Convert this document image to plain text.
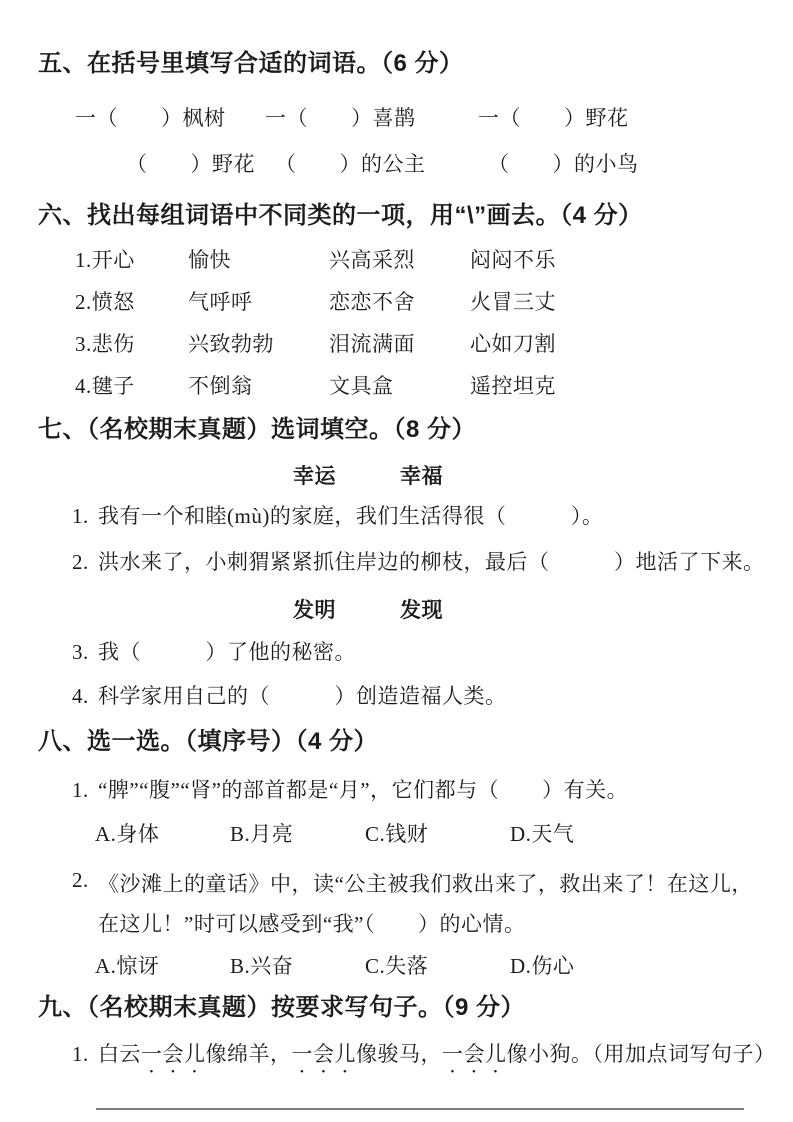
五、在括号里填写合适的词语。（6 分）
一（　　）枫树	一（　　）喜鹊	一（　　）野花
（　　）野花 （　　）的公主	（　　）的小鸟
六、找出每组词语中不同类的一项，用“\”画去。（4 分）
1.开心	愉快	兴高采烈	闷闷不乐
2.愤怒	气呼呼	恋恋不舍	火冒三丈
3.悲伤	兴致勃勃	泪流满面	心如刀割
4.毽子	不倒翁	文具盒	遥控坦克
七、（名校期末真题）选词填空。（8 分）
幸运	幸福
1. 我有一个和睦(mù)的家庭，我们生活得很（　　　）。
2. 洪水来了，小刺猬紧紧抓住岸边的柳枝，最后（　　　）地活了下来。
发明	发现
3. 我（　　　）了他的秘密。
4. 科学家用自己的（　　　）创造造福人类。
八、选一选。（填序号）（4 分）
1. “脾”“腹”“肾”的部首都是“月”，它们都与（　　）有关。
A.身体	B.月亮	C.钱财	D.天气
2. 《沙滩上的童话》中，读“公主被我们救出来了，救出来了！在这儿，
在这儿！”时可以感受到“我”（　　）的心情。
A.惊讶	B.兴奋	C.失落	D.伤心
九、（名校期末真题）按要求写句子。（9 分）
1. 白云一会儿像绵羊，一会儿像骏马，一会儿像小狗。（用加点词写句子）
